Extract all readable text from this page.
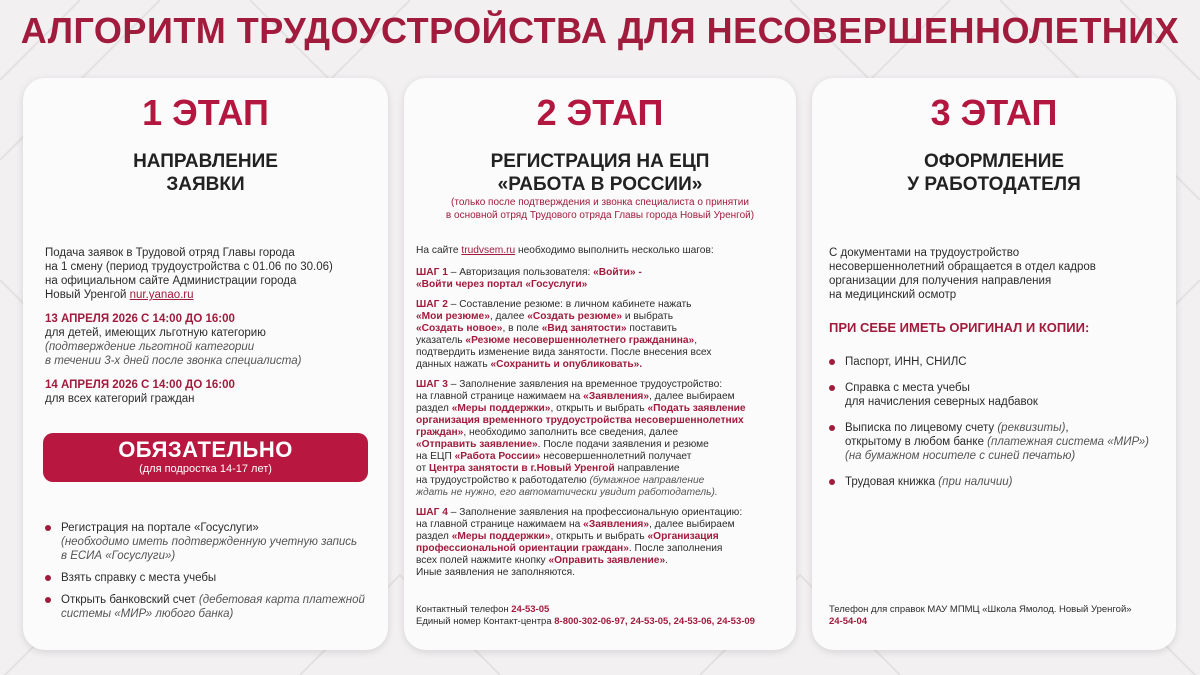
АЛГОРИТМ ТРУДОУСТРОЙСТВА ДЛЯ НЕСОВЕРШЕННОЛЕТНИХ
1 ЭТАП
НАПРАВЛЕНИЕ
ЗАЯВКИ
Подача заявок в Трудовой отряд Главы города
на 1 смену (период трудоустройства с 01.06 по 30.06)
на официальном сайте Администрации города
Новый Уренгой nur.yanao.ru
13 АПРЕЛЯ 2026 С 14:00 ДО 16:00
для детей, имеющих льготную категорию
(подтверждение льготной категории
в течении 3-х дней после звонка специалиста)
14 АПРЕЛЯ 2026 С 14:00 ДО 16:00
для всех категорий граждан
ОБЯЗАТЕЛЬНО
(для подростка 14-17 лет)
Регистрация на портале «Госуслуги»
(необходимо иметь подтвержденную учетную запись
в ЕСИА «Госуслуги»)
Взять справку с места учебы
Открыть банковский счет (дебетовая карта платежной
системы «МИР» любого банка)
2 ЭТАП
РЕГИСТРАЦИЯ НА ЕЦП
«РАБОТА В РОССИИ»
(только после подтверждения и звонка специалиста о принятии
в основной отряд Трудового отряда Главы города Новый Уренгой)
На сайте trudvsem.ru необходимо выполнить несколько шагов:
ШАГ 1 – Авторизация пользователя: «Войти» -
«Войти через портал «Госуслуги»
ШАГ 2 – Составление резюме: в личном кабинете нажать
«Мои резюме», далее «Создать резюме» и выбрать
«Создать новое», в поле «Вид занятости» поставить
указатель «Резюме несовершеннолетнего гражданина»,
подтвердить изменение вида занятости. После внесения всех
данных нажать «Сохранить и опубликовать».
ШАГ 3 – Заполнение заявления на временное трудоустройство:
на главной странице нажимаем на «Заявления», далее выбираем
раздел «Меры поддержки», открыть и выбрать «Подать заявление
организация временного трудоустройства несовершеннолетних
граждан», необходимо заполнить все сведения, далее
«Отправить заявление». После подачи заявления и резюме
на ЕЦП «Работа России» несовершеннолетний получает
от Центра занятости в г.Новый Уренгой направление
на трудоустройство к работодателю (бумажное направление
ждать не нужно, его автоматически увидит работодатель).
ШАГ 4 – Заполнение заявления на профессиональную ориентацию:
на главной странице нажимаем на «Заявления», далее выбираем
раздел «Меры поддержки», открыть и выбрать «Организация
профессиональной ориентации граждан». После заполнения
всех полей нажмите кнопку «Оправить заявление».
Иные заявления не заполняются.
Контактный телефон 24-53-05
Единый номер Контакт-центра 8-800-302-06-97, 24-53-05, 24-53-06, 24-53-09
3 ЭТАП
ОФОРМЛЕНИЕ
У РАБОТОДАТЕЛЯ
С документами на трудоустройство
несовершеннолетний обращается в отдел кадров
организации для получения направления
на медицинский осмотр
ПРИ СЕБЕ ИМЕТЬ ОРИГИНАЛ И КОПИИ:
Паспорт, ИНН, СНИЛС
Справка с места учебы
для начисления северных надбавок
Выписка по лицевому счету (реквизиты),
открытому в любом банке (платежная система «МИР»)
(на бумажном носителе с синей печатью)
Трудовая книжка (при наличии)
Телефон для справок МАУ МПМЦ «Школа Ямолод. Новый Уренгой»
24-54-04
